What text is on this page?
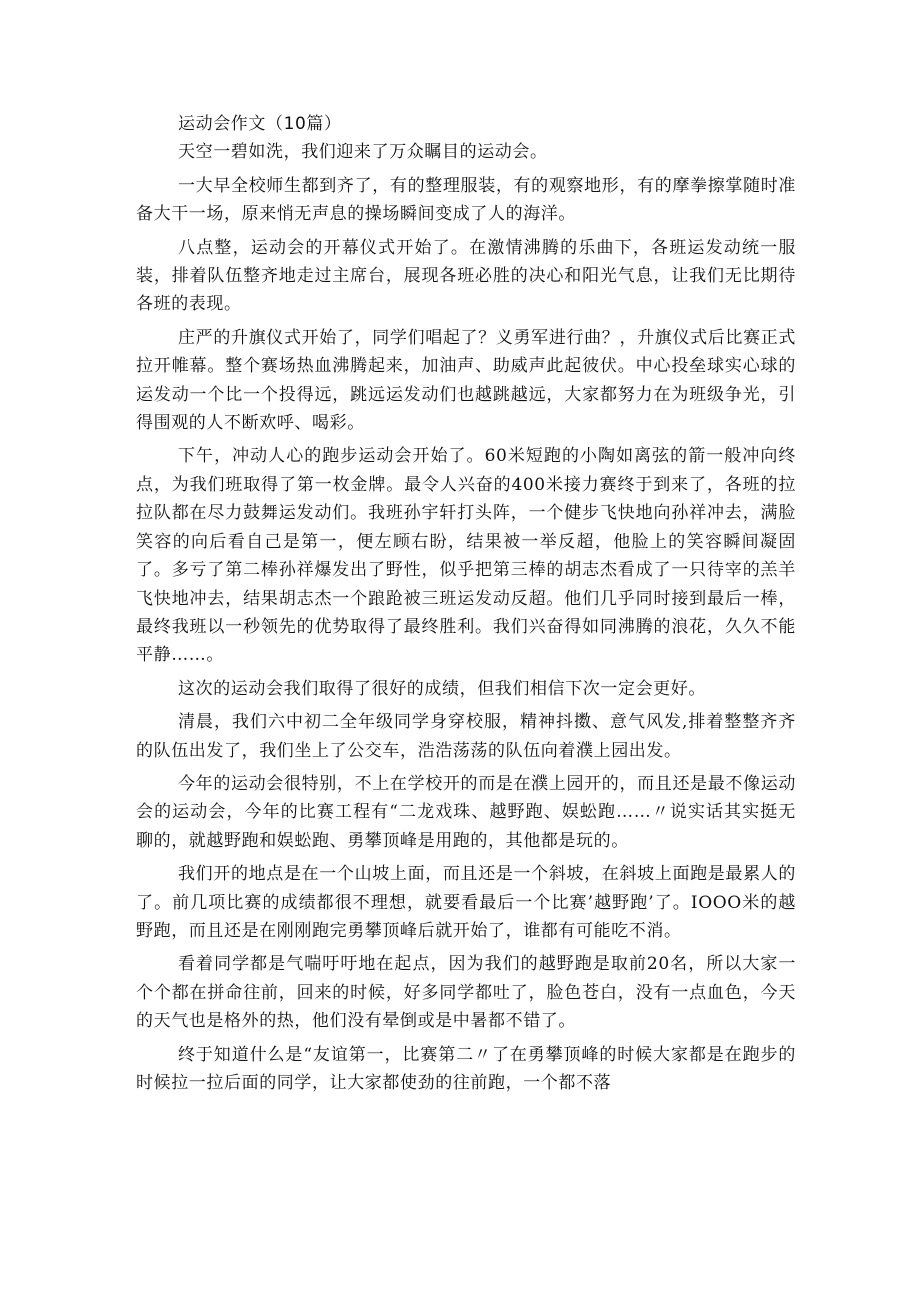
运动会作文（10篇）

天空一碧如洗，我们迎来了万众瞩目的运动会。

一大早全校师生都到齐了，有的整理服装，有的观察地形，有的摩拳擦掌随时准备大干一场，原来悄无声息的操场瞬间变成了人的海洋。

八点整，运动会的开幕仪式开始了。在激情沸腾的乐曲下，各班运发动统一服装，排着队伍整齐地走过主席台，展现各班必胜的决心和阳光气息，让我们无比期待各班的表现。

庄严的升旗仪式开始了，同学们唱起了？义勇军进行曲？，升旗仪式后比赛正式拉开帷幕。整个赛场热血沸腾起来，加油声、助威声此起彼伏。中心投垒球实心球的运发动一个比一个投得远，跳远运发动们也越跳越远，大家都努力在为班级争光，引得围观的人不断欢呼、喝彩。

下午，冲动人心的跑步运动会开始了。60米短跑的小陶如离弦的箭一般冲向终点，为我们班取得了第一枚金牌。最令人兴奋的400米接力赛终于到来了，各班的拉拉队都在尽力鼓舞运发动们。我班孙宇轩打头阵，一个健步飞快地向孙祥冲去，满脸笑容的向后看自己是第一，便左顾右盼，结果被一举反超，他脸上的笑容瞬间凝固了。多亏了第二棒孙祥爆发出了野性，似乎把第三棒的胡志杰看成了一只待宰的羔羊飞快地冲去，结果胡志杰一个踉跄被三班运发动反超。他们几乎同时接到最后一棒，最终我班以一秒领先的优势取得了最终胜利。我们兴奋得如同沸腾的浪花，久久不能平静……。

这次的运动会我们取得了很好的成绩，但我们相信下次一定会更好。

清晨，我们六中初二全年级同学身穿校服，精神抖擞、意气风发,排着整整齐齐的队伍出发了，我们坐上了公交车，浩浩荡荡的队伍向着濮上园出发。

今年的运动会很特别，不上在学校开的而是在濮上园开的，而且还是最不像运动会的运动会，今年的比赛工程有“二龙戏珠、越野跑、娱蚣跑……〃说实话其实挺无聊的，就越野跑和娱蚣跑、勇攀顶峰是用跑的，其他都是玩的。

我们开的地点是在一个山坡上面，而且还是一个斜坡，在斜坡上面跑是最累人的了。前几项比赛的成绩都很不理想，就要看最后一个比赛’越野跑’了。IOOO米的越野跑，而且还是在刚刚跑完勇攀顶峰后就开始了，谁都有可能吃不消。

看着同学都是气喘吁吁地在起点，因为我们的越野跑是取前20名，所以大家一个个都在拼命往前，回来的时候，好多同学都吐了，脸色苍白，没有一点血色，今天的天气也是格外的热，他们没有晕倒或是中暑都不错了。

终于知道什么是“友谊第一，比赛第二〃了在勇攀顶峰的时候大家都是在跑步的时候拉一拉后面的同学，让大家都使劲的往前跑，一个都不落
